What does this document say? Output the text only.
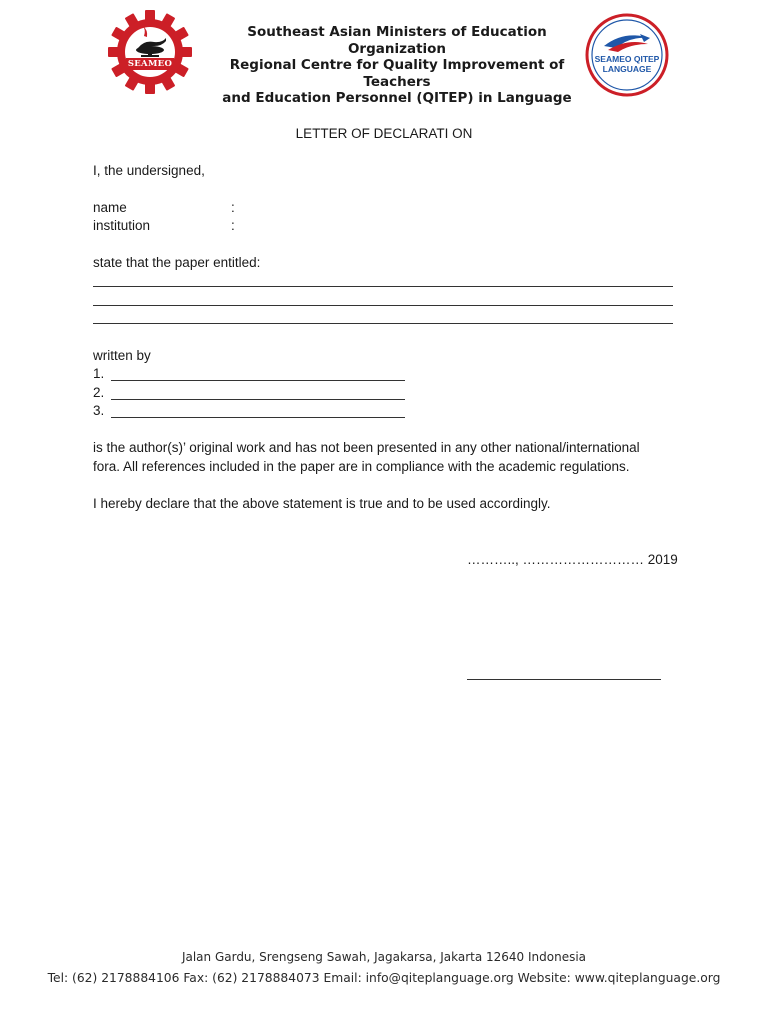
SEAMEO
Southeast Asian Ministers of Education Organization
Regional Centre for Quality Improvement of Teachers
and Education Personnel (QITEP) in Language
SEAMEO QITEP
LANGUAGE
LETTER OF DECLARATI ON
I, the undersigned,
name	:
institution	:
state that the paper entitled:
written by
1.
2.
3.
is the author(s)’ original work and has not been presented in any other national/international
fora. All references included in the paper are in compliance with the academic regulations.
I hereby declare that the above statement is true and to be used accordingly.
……….., ……………………… 2019
Jalan Gardu, Srengseng Sawah, Jagakarsa, Jakarta 12640 Indonesia
Tel: (62) 2178884106 Fax: (62) 2178884073 Email: info@qiteplanguage.org Website: www.qiteplanguage.org
